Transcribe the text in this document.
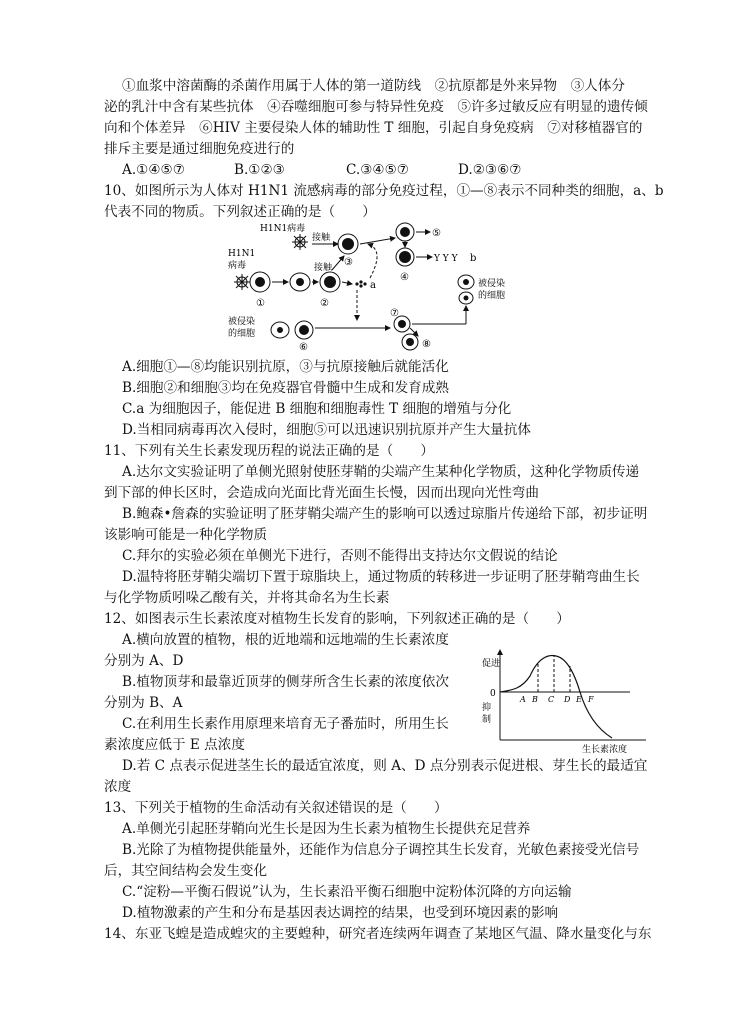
①血浆中溶菌酶的杀菌作用属于人体的第一道防线　②抗原都是外来异物　③人体分
泌的乳汁中含有某些抗体　④吞噬细胞可参与特异性免疫　⑤许多过敏反应有明显的遗传倾
向和个体差异　⑥HIV 主要侵染人体的辅助性 T 细胞，引起自身免疫病　⑦对移植器官的
排斥主要是通过细胞免疫进行的
A.①④⑤⑦	B.①②③	C.③④⑤⑦	D.②③⑥⑦
10、如图所示为人体对 H1N1 流感病毒的部分免疫过程，①—⑧表示不同种类的细胞，a、b
代表不同的物质。下列叙述正确的是（　　）
H1N1病毒
接触
③
⑤
④
Y Y Y b
H1N1
病毒
①	②
接触
a
被侵染
的细胞
⑥
⑦
⑧
被侵染
的细胞
A.细胞①—⑧均能识别抗原，③与抗原接触后就能活化
B.细胞②和细胞③均在免疫器官骨髓中生成和发育成熟
C.a 为细胞因子，能促进 B 细胞和细胞毒性 T 细胞的增殖与分化
D.当相同病毒再次入侵时，细胞⑤可以迅速识别抗原并产生大量抗体
11、下列有关生长素发现历程的说法正确的是（　　）
A.达尔文实验证明了单侧光照射使胚芽鞘的尖端产生某种化学物质，这种化学物质传递
到下部的伸长区时，会造成向光面比背光面生长慢，因而出现向光性弯曲
B.鲍森•詹森的实验证明了胚芽鞘尖端产生的影响可以透过琼脂片传递给下部，初步证明
该影响可能是一种化学物质
C.拜尔的实验必须在单侧光下进行，否则不能得出支持达尔文假说的结论
D.温特将胚芽鞘尖端切下置于琼脂块上，通过物质的转移进一步证明了胚芽鞘弯曲生长
与化学物质吲哚乙酸有关，并将其命名为生长素
12、如图表示生长素浓度对植物生长发育的影响，下列叙述正确的是（　　）
A.横向放置的植物，根的近地端和远地端的生长素浓度
分别为 A、D
B.植物顶芽和最靠近顶芽的侧芽所含生长素的浓度依次
分别为 B、A
C.在利用生长素作用原理来培育无子番茄时，所用生长
素浓度应低于 E 点浓度
D.若 C 点表示促进茎生长的最适宜浓度，则 A、D 点分别表示促进根、芽生长的最适宜
浓度
促进
0
抑
制
A B C D E F
生长素浓度
13、下列关于植物的生命活动有关叙述错误的是（　　）
A.单侧光引起胚芽鞘向光生长是因为生长素为植物生长提供充足营养
B.光除了为植物提供能量外，还能作为信息分子调控其生长发育，光敏色素接受光信号
后，其空间结构会发生变化
C.“淀粉—平衡石假说”认为，生长素沿平衡石细胞中淀粉体沉降的方向运输
D.植物激素的产生和分布是基因表达调控的结果，也受到环境因素的影响
14、东亚飞蝗是造成蝗灾的主要蝗种，研究者连续两年调查了某地区气温、降水量变化与东
